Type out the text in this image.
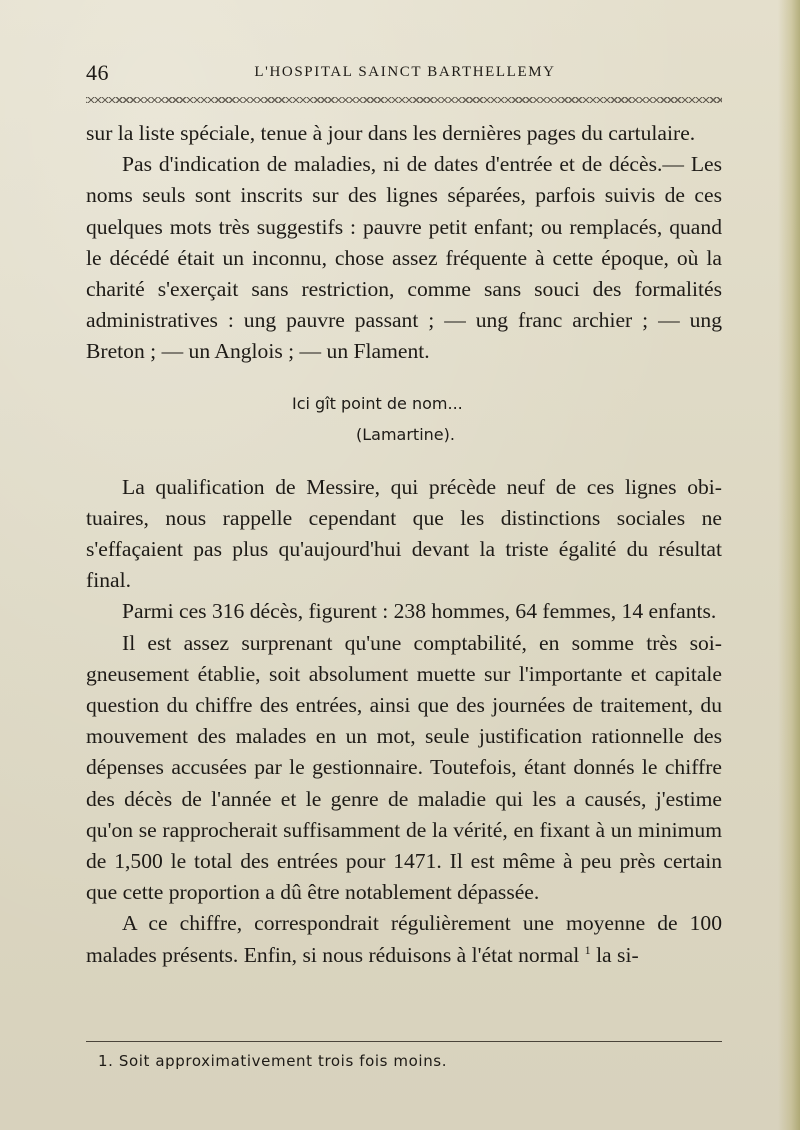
46	L'HOSPITAL SAINCT BARTHELLEMY

sur la liste spéciale, tenue à jour dans les dernières pages du cartulaire.

Pas d'indication de maladies, ni de dates d'entrée et de décès.— Les noms seuls sont inscrits sur des lignes séparées, parfois suivis de ces quelques mots très suggestifs : pauvre petit enfant; ou remplacés, quand le décédé était un inconnu, chose assez fréquente à cette époque, où la charité s'exerçait sans restriction, comme sans souci des formalités administratives : ung pauvre passant ; — ung franc archier ; — ung Breton ; — un Anglois ; — un Flament.

Ici gît point de nom...
(Lamartine).

La qualification de Messire, qui précède neuf de ces lignes obituaires, nous rappelle cependant que les distinctions sociales ne s'effaçaient pas plus qu'aujourd'hui devant la triste égalité du résultat final.

Parmi ces 316 décès, figurent : 238 hommes, 64 femmes, 14 enfants.

Il est assez surprenant qu'une comptabilité, en somme très soigneusement établie, soit absolument muette sur l'importante et capitale question du chiffre des entrées, ainsi que des journées de traitement, du mouvement des malades en un mot, seule justification rationnelle des dépenses accusées par le gestionnaire. Toutefois, étant donnés le chiffre des décès de l'année et le genre de maladie qui les a causés, j'estime qu'on se rapprocherait suffisamment de la vérité, en fixant à un minimum de 1,500 le total des entrées pour 1471. Il est même à peu près certain que cette proportion a dû être notablement dépassée.

A ce chiffre, correspondrait régulièrement une moyenne de 100 malades présents. Enfin, si nous réduisons à l'état normal $^1$ la si-

1. Soit approximativement trois fois moins.
